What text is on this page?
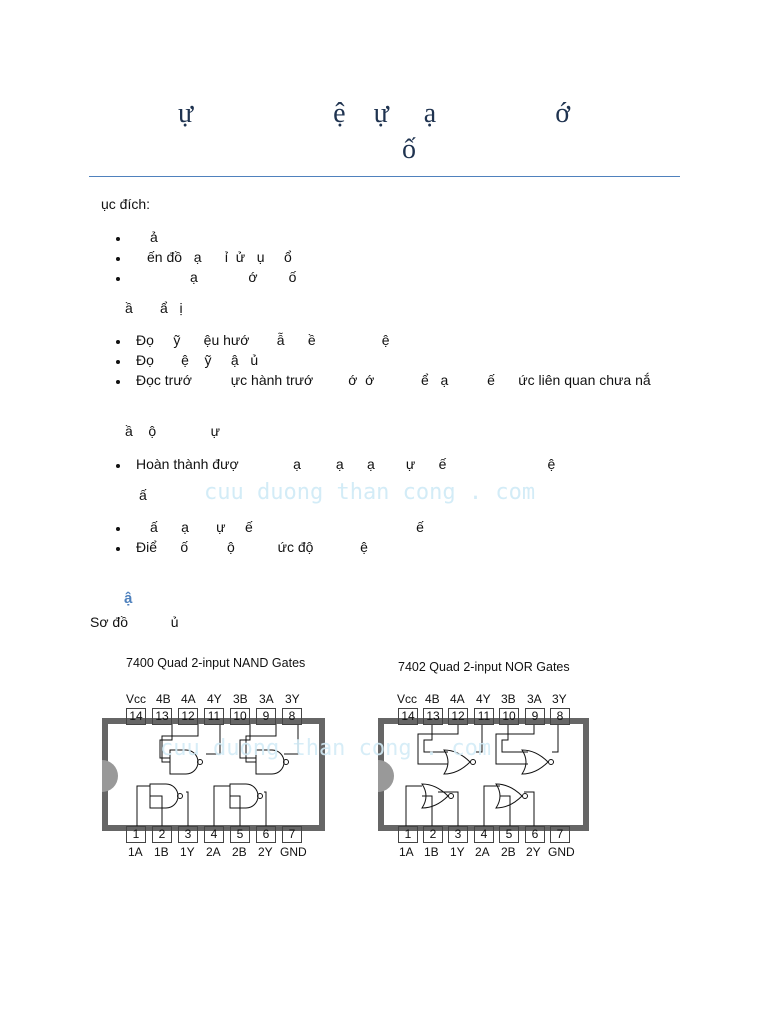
ự                    ệ    ự     ạ                 ớ
ố
ục đích:
ả
ến đồ   ạ      ỉ  ử   ụ     ổ
ạ             ớ        ố
ầ       ẩ   ị
Đọ     ỹ      ệu hướ       ẫ      ề                 ệ
Đọ       ệ    ỹ     ậ   ủ
Đọc trướ          ực hành trướ         ớ  ớ            ể   ạ          ế      ức liên quan chưa nắ
ầ    ộ              ự
Hoàn thành đượ              ạ         ạ      ạ        ự      ế                          ệ
ấ	cuu duong than cong . com
ấ      ạ       ự     ế                                          ế
Điể      ố          ộ           ức độ            ệ
ậ
Sơ đồ           ủ
7400 Quad 2-input NAND Gates
Vcc 4B 4A 4Y 3B 3A 3Y
14 13 12	11	10	9	8
1	2	3	4	5	6	7
1A 1B 1Y 2A 2B 2Y GND
7402 Quad 2-input NOR Gates
Vcc 4B 4A 4Y 3B 3A 3Y
14 13 12	11	10	9	8
1	2	3	4	5	6	7
1A 1B 1Y 2A 2B 2Y GND
cuu duong than cong . com
